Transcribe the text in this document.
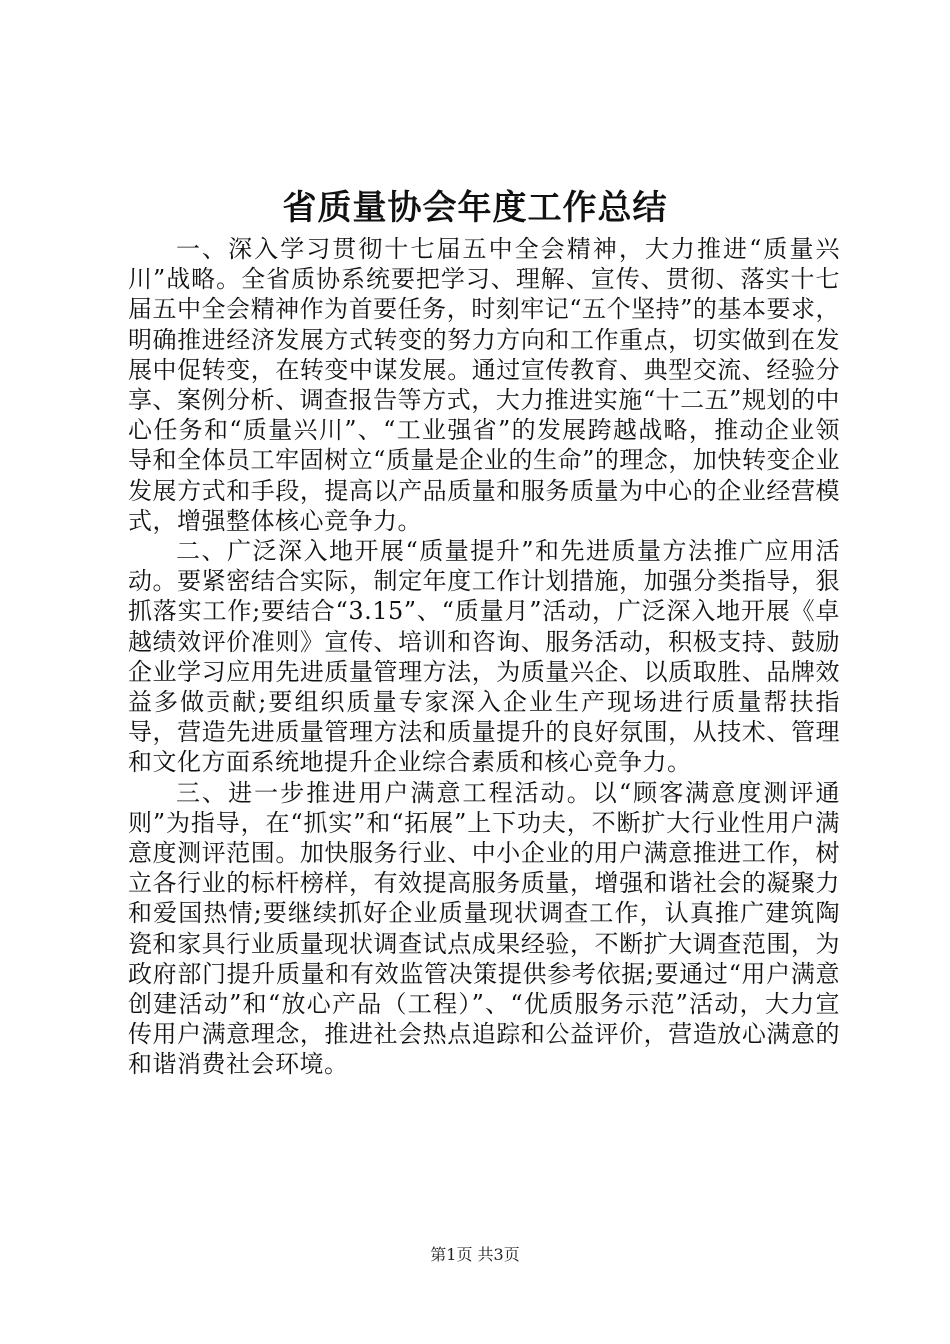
省质量协会年度工作总结

一、深入学习贯彻十七届五中全会精神，大力推进“质量兴川”战略。全省质协系统要把学习、理解、宣传、贯彻、落实十七届五中全会精神作为首要任务，时刻牢记“五个坚持”的基本要求，明确推进经济发展方式转变的努力方向和工作重点，切实做到在发展中促转变，在转变中谋发展。通过宣传教育、典型交流、经验分享、案例分析、调查报告等方式，大力推进实施“十二五”规划的中心任务和“质量兴川”、“工业强省”的发展跨越战略，推动企业领导和全体员工牢固树立“质量是企业的生命”的理念，加快转变企业发展方式和手段，提高以产品质量和服务质量为中心的企业经营模式，增强整体核心竞争力。

二、广泛深入地开展“质量提升”和先进质量方法推广应用活动。要紧密结合实际，制定年度工作计划措施，加强分类指导，狠抓落实工作;要结合“3.15”、“质量月”活动，广泛深入地开展《卓越绩效评价准则》宣传、培训和咨询、服务活动，积极支持、鼓励企业学习应用先进质量管理方法，为质量兴企、以质取胜、品牌效益多做贡献;要组织质量专家深入企业生产现场进行质量帮扶指导，营造先进质量管理方法和质量提升的良好氛围，从技术、管理和文化方面系统地提升企业综合素质和核心竞争力。

三、进一步推进用户满意工程活动。以“顾客满意度测评通则”为指导，在“抓实”和“拓展”上下功夫，不断扩大行业性用户满意度测评范围。加快服务行业、中小企业的用户满意推进工作，树立各行业的标杆榜样，有效提高服务质量，增强和谐社会的凝聚力和爱国热情;要继续抓好企业质量现状调查工作，认真推广建筑陶瓷和家具行业质量现状调查试点成果经验，不断扩大调查范围，为政府部门提升质量和有效监管决策提供参考依据;要通过“用户满意创建活动”和“放心产品（工程）”、“优质服务示范”活动，大力宣传用户满意理念，推进社会热点追踪和公益评价，营造放心满意的和谐消费社会环境。

第1页 共3页
